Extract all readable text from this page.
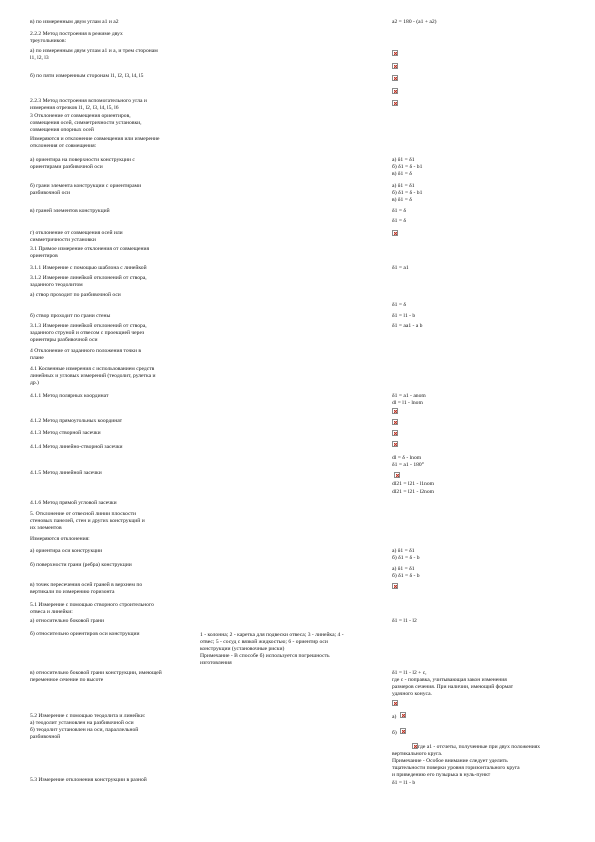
в) по измеренным двум углам a1 и a2

2.2.2 Метод построения в режиме двух

треугольников:

а) по измеренным двум углам a1 и a, и трем сторонам

l1, l2, l3

б) по пяти измеренным сторонам l1, l2, l3, l4, l5

2.2.3 Метод построения вспомогательного угла и

измерения отрезков l1, l2, l3, l4, l5, l6

3 Отклонение от совмещения ориентиров,

совмещения осей, симметричности установки,

совмещения опорных осей

Измеряются и отклонение совмещения или измерение

отклонения от совмещения:

а) ориентира на поверхности конструкции с

ориентирами разбивочной оси

б) грани элемента конструкции с ориентирами

разбивочной оси

в) граней элементов конструкций

г) отклонение от совмещения осей или

симметричности установки

3.1 Прямое измерение отклонения от совмещения

ориентиров

3.1.1 Измерение с помощью шаблона с линейкой

3.1.2 Измерение линейкой отклонений от створа,

заданного теодолитом

а) створ проходит по разбивочной оси

б) створ проходит по грани стены

3.1.3 Измерение линейкой отклонений от створа,

заданного струной и отвесом с проекцией через

ориентиры разбивочной оси

4 Отклонение от заданного положения точки в

плане

4.1 Косвенные измерения с использованием средств

линейных и угловых измерений (теодолит, рулетка и

др.)

4.1.1 Метод полярных координат

4.1.2 Метод прямоугольных координат

4.1.3 Метод створной засечки

4.1.4 Метод линейно-створной засечки

4.1.5 Метод линейной засечки

4.1.6 Метод прямой угловой засечки

5. Отклонение от отвесной линии плоскости

стеновых панелей, стен и других конструкций и

их элементов

Измеряются отклонения:

а) ориентира оси конструкции

б) поверхности грани (ребра) конструкции

в) точек пересечения осей граней в верхнем по

вертикали по измерению горизонта

5.1 Измерение с помощью створного строительного

отвеса и линейки:

а) относительно боковой грани

б) относительно ориентиров оси конструкции

в) относительно боковой грани конструкции, имеющей

переменное сечение по высоте

5.2 Измерение с помощью теодолита и линейки:

а) теодолит установлен на разбивочной оси

б) теодолит установлен на оси, параллельной

разбивочной

5.3 Измерение отклонения конструкции в разной

1 - колонна; 2 - каретка для подвески отвеса; 3 - линейка; 4 -

отвес; 5 - сосуд с вязкой жидкостью; 6 - ориентир оси

конструкции (установочные риски)

Примечание - В способе б) используется погрешность

изготовления

a2 = 180 - (a1 + a2)

а) δ1 = δ1

б) δ1 = δ - b1

в) δ1 = δ

а) δ1 = δ1

б) δ1 = δ - b1

в) δ1 = δ

δ1 = δ

δ1 = δ

δ1 = a1

δ1 = δ

δ1 = l1 - b

δ1 = aa1 - a b

δ1 = a1 - anom

dl = l1 - lnom

dl = δ - lnom

δ1 = a1 - 180°

dl21 = l21 - l1nom

dl21 = l21 - l2nom

а) δ1 = δ1

б) δ1 = δ - b

а) δ1 = δ1

б) δ1 = δ - b

δ1 = l1 - l2

δ1 = l1 - l2 + c,

где c - поправка, учитывающая закон изменения

размеров сечения. При наличии, имеющий формат

удачного конуса.

а)

б)

где a1 - отсчеты, полученные при двух положениях

вертикального круга.

Примечание - Особое внимание следует уделить

тщательности поверки уровня горизонтального круга

и приведению его пузырька в нуль-пункт

δ1 = l1 - b
